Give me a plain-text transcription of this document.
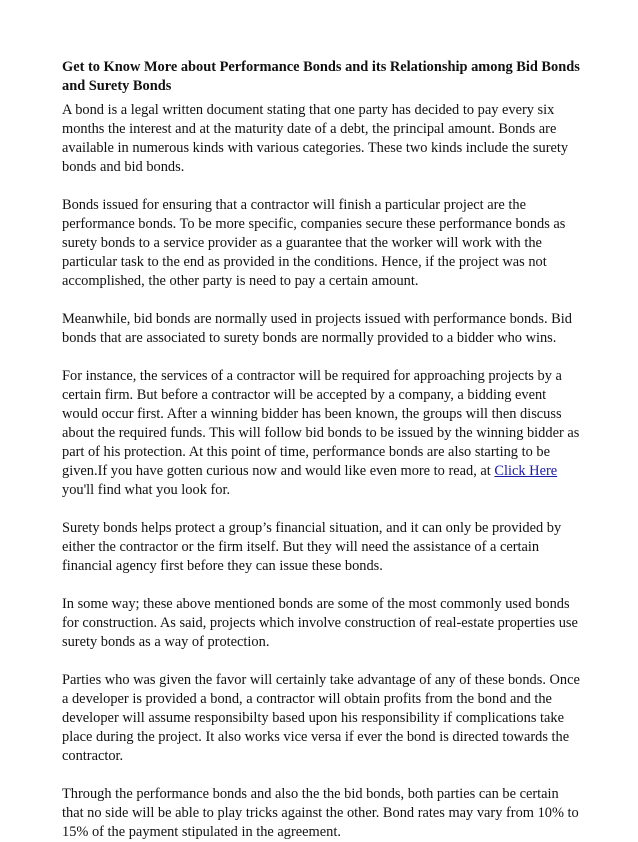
Get to Know More about Performance Bonds and its Relationship among Bid Bonds and Surety Bonds

A bond is a legal written document stating that one party has decided to pay every six months the interest and at the maturity date of a debt, the principal amount. Bonds are available in numerous kinds with various categories. These two kinds include the surety bonds and bid bonds.

Bonds issued for ensuring that a contractor will finish a particular project are the performance bonds. To be more specific, companies secure these performance bonds as surety bonds to a service provider as a guarantee that the worker will work with the particular task to the end as provided in the conditions. Hence, if the project was not accomplished, the other party is need to pay a certain amount.

Meanwhile, bid bonds are normally used in projects issued with performance bonds. Bid bonds that are associated to surety bonds are normally provided to a bidder who wins.

For instance, the services of a contractor will be required for approaching projects by a certain firm. But before a contractor will be accepted by a company, a bidding event would occur first. After a winning bidder has been known, the groups will then discuss about the required funds. This will follow bid bonds to be issued by the winning bidder as part of his protection. At this point of time, performance bonds are also starting to be given.If you have gotten curious now and would like even more to read, at Click Here you'll find what you look for.

Surety bonds helps protect a group’s financial situation, and it can only be provided by either the contractor or the firm itself. But they will need the assistance of a certain financial agency first before they can issue these bonds.

In some way; these above mentioned bonds are some of the most commonly used bonds for construction. As said, projects which involve construction of real-estate properties use surety bonds as a way of protection.

Parties who was given the favor will certainly take advantage of any of these bonds. Once a developer is provided a bond, a contractor will obtain profits from the bond and the developer will assume responsibilty based upon his responsibility if complications take place during the project. It also works vice versa if ever the bond is directed towards the contractor.

Through the performance bonds and also the the bid bonds, both parties can be certain that no side will be able to play tricks against the other. Bond rates may vary from 10% to 15% of the payment stipulated in the agreement.
